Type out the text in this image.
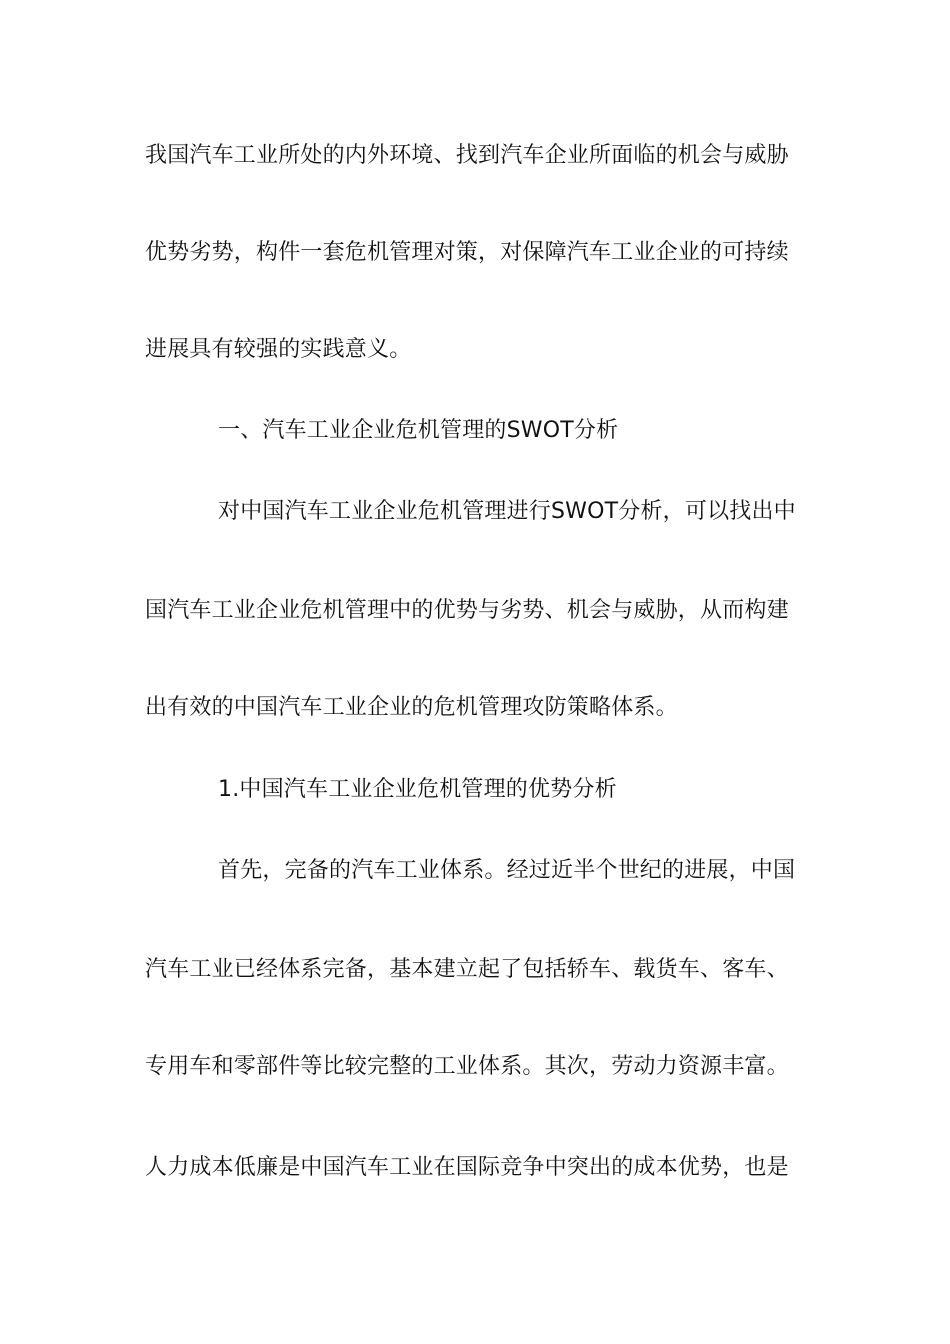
我国汽车工业所处的内外环境、找到汽车企业所面临的机会与威胁
优势劣势，构件一套危机管理对策，对保障汽车工业企业的可持续
进展具有较强的实践意义。
一、汽车工业企业危机管理的SWOT分析
对中国汽车工业企业危机管理进行SWOT分析，可以找出中
国汽车工业企业危机管理中的优势与劣势、机会与威胁，从而构建
出有效的中国汽车工业企业的危机管理攻防策略体系。
1.中国汽车工业企业危机管理的优势分析
首先，完备的汽车工业体系。经过近半个世纪的进展，中国
汽车工业已经体系完备，基本建立起了包括轿车、载货车、客车、
专用车和零部件等比较完整的工业体系。其次，劳动力资源丰富。
人力成本低廉是中国汽车工业在国际竞争中突出的成本优势，也是
